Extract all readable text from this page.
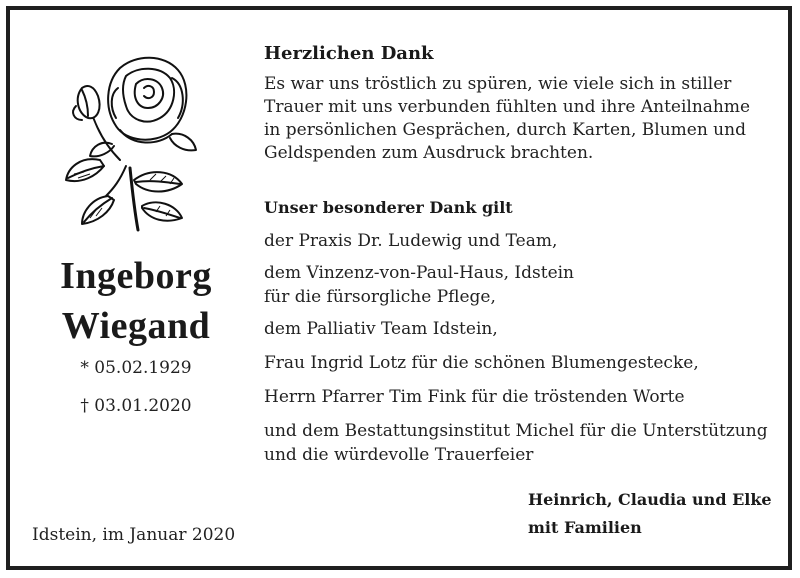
Ingeborg
Wiegand
* 05.02.1929
† 03.01.2020
Idstein, im Januar 2020
Herzlichen Dank
Es war uns tröstlich zu spüren, wie viele sich in stiller
Trauer mit uns verbunden fühlten und ihre Anteilnahme
in persönlichen Gesprächen, durch Karten, Blumen und
Geldspenden zum Ausdruck brachten.
Unser besonderer Dank gilt
der Praxis Dr. Ludewig und Team,
dem Vinzenz-von-Paul-Haus, Idstein
für die fürsorgliche Pflege,
dem Palliativ Team Idstein,
Frau Ingrid Lotz für die schönen Blumengestecke,
Herrn Pfarrer Tim Fink für die tröstenden Worte
und dem Bestattungsinstitut Michel für die Unterstützung
und die würdevolle Trauerfeier
Heinrich, Claudia und Elke
mit Familien
